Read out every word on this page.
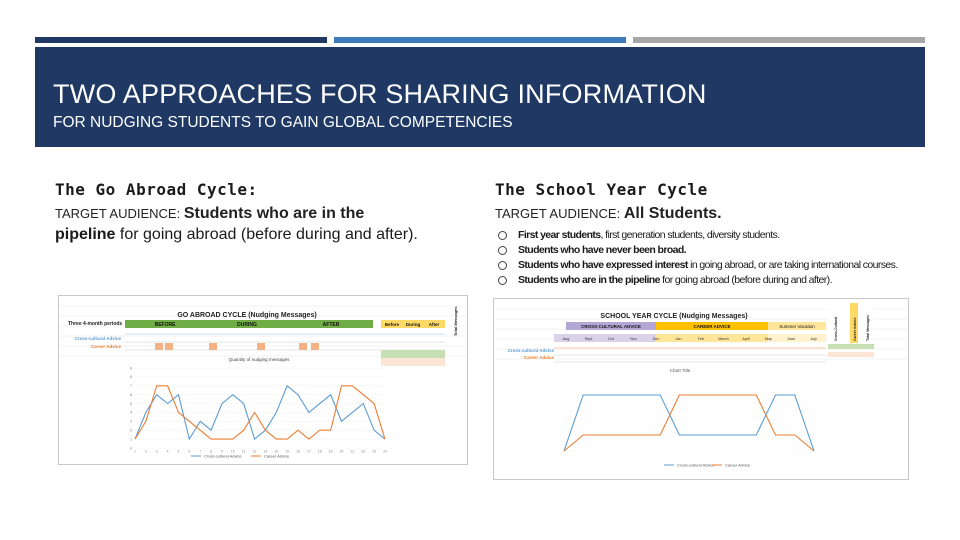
TWO APPROACHES FOR SHARING INFORMATION
FOR NUDGING STUDENTS TO GAIN GLOBAL COMPETENCIES
The Go Abroad Cycle:
TARGET AUDIENCE: Students who are in the
pipeline for going abroad (before during and after).
The School Year Cycle
TARGET AUDIENCE: All Students.
First year students, first generation students, diversity students.
Students who have never been broad.
Students who have expressed interest in going abroad, or are taking international courses.
Students who are in the pipeline for going abroad (before during and after).
GO ABROAD CYCLE (Nudging Messages)
Three 4-month periods	BEFORE	DURING	AFTER	Before During After
Cross-cultural Advice
Career Advice
Quantity of nudging messages
Total Messages
0
1
2
3
4
5
6
7
8
9
1	2	3	4	5	6	7	8	9 10 11 12 13 14 15 16 17 18 19 20 21 22 23 24
Cross-cultural Advice	Career Advice
SCHOOL YEAR CYCLE (Nudging Messages)
CROSS-CULTURAL ADVICE	CAREER ADVICE	Summer Vacation
Aug	Sept	Oct	Nov	Dec	Jan	Feb	March	April	May	June	July
Cross-cultural Advice
Career Advice
Cross-Cultural	Career Advice	Total Messages
Chart Title
Cross-cultural Advice	Career Advice
